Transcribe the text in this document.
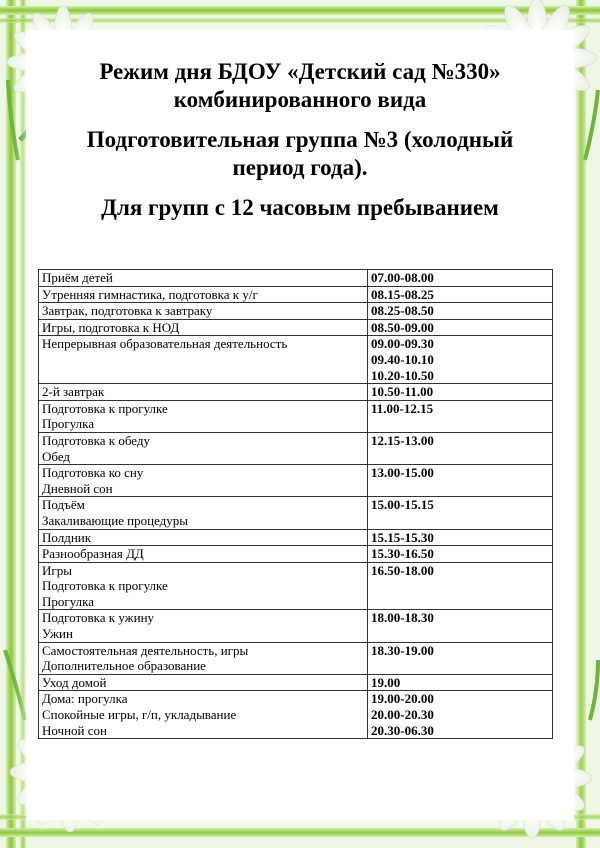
Режим дня БДОУ «Детский сад №330»
комбинированного вида
Подготовительная группа №3 (холодный
период года).
Для групп с 12 часовым пребыванием
Приём детей	07.00-08.00

Утренняя гимнастика, подготовка к у/г	08.15-08.25

Завтрак, подготовка к завтраку	08.25-08.50

Игры, подготовка к НОД	08.50-09.00

Непрерывная образовательная деятельность	09.00-09.30
09.40-10.10
10.20-10.50

2-й завтрак	10.50-11.00

Подготовка к прогулке
Прогулка	11.00-12.15

Подготовка к обеду
Обед	12.15-13.00

Подготовка ко сну
Дневной сон	13.00-15.00

Подъём
Закаливающие процедуры	15.00-15.15

Полдник	15.15-15.30

Разнообразная ДД	15.30-16.50

Игры
Подготовка к прогулке
Прогулка	16.50-18.00

Подготовка к ужину
Ужин	18.00-18.30

Самостоятельная деятельность, игры
Дополнительное образование	18.30-19.00

Уход домой	19.00

Дома: прогулка
Спокойные игры, г/п, укладывание
Ночной сон	19.00-20.00
20.00-20.30
20.30-06.30
